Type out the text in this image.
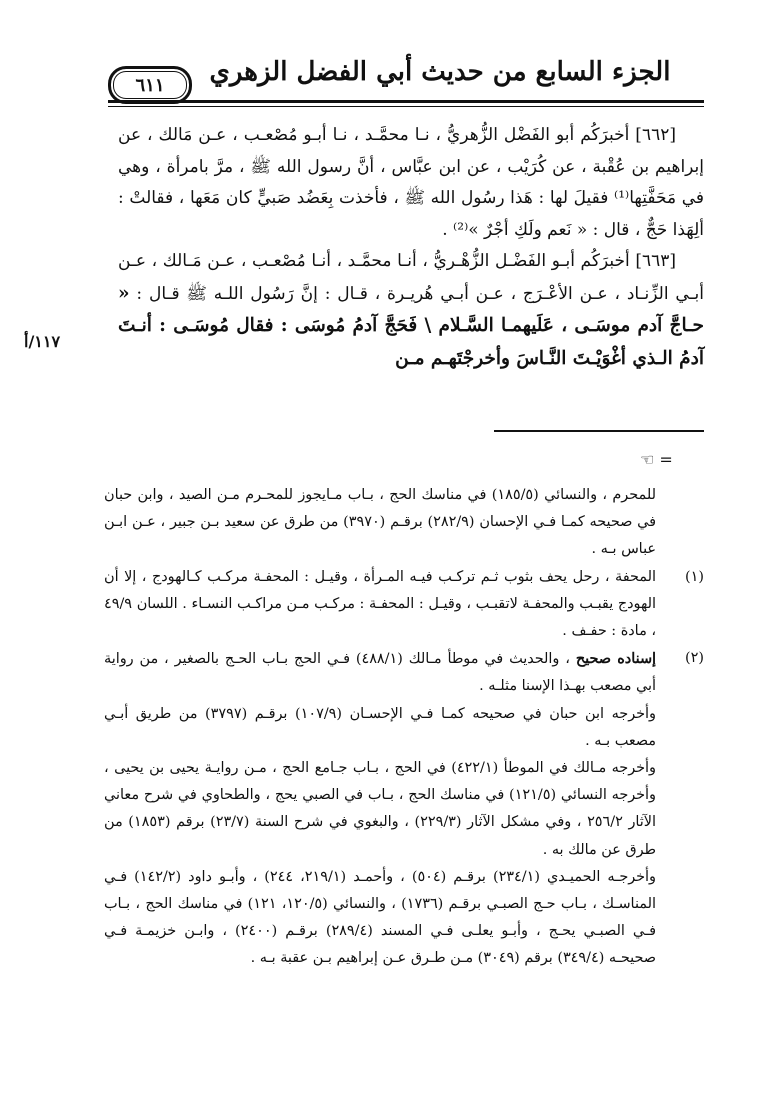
الجزء السابع من حديث أبي الفضل الزهري
٦١١

[٦٦٢] أخبرَكُم أبو الفَضْل الزُّهريُّ ، نـا محمَّـد ، نـا أبـو مُصْعـب ، عـن مَالك ، عن إبراهيم بن عُقْبة ، عن كُرَيْب ، عن ابن عبَّاس ، أنَّ رسول الله ﷺ ، مرَّ بامرأة ، وهي في مَحَفَّتِها⁽¹⁾ فقيلَ لها : هَذا رسُول الله ﷺ ، فأخذت بِعَضُد صَبيٍّ كان مَعَها ، فقالتْ : ألِهَذا حَجٌّ ، قال : « نَعم ولَكِ أجْرٌ »⁽²⁾ .

[٦٦٣] أخبرَكُم أبـو الفَضْـل الزُّهْـريُّ ، أنـا محمَّـد ، أنـا مُصْعـب ، عـن مَـالك ، عـن أبـي الزِّنـاد ، عـن الأعْـرَج ، عـن أبـي هُريـرة ، قـال : إنَّ رَسُول اللـه ﷺ قـال : « حـاجَّ آدم موسَـى ، عَلَيهمـا السَّـلام \ فَحَجَّ آدمُ مُوسَى : فقال مُوسَـى : أنـتَ آدمُ الـذي أغْوَيْـتَ النَّـاسَ وأخرجْتَهـم مـن

١١٧/أ
= ☜

للمحرم ، والنسائي (١٨٥/٥) في مناسك الحج ، بـاب مـايجوز للمحـرم مـن الصيد ، وابن حبان في صحيحه كمـا فـي الإحسان (٢٨٢/٩) برقـم (٣٩٧٠) من طرق عن سعيد بـن جبير ، عـن ابـن عباس بـه .

(١)

المحفة ، رحل يحف بثوب ثـم تركـب فيـه المـرأة ، وقيـل : المحفـة مركـب كـالهودج ، إلا أن الهودج يقبـب والمحفـة لاتقبـب ، وقيـل : المحفـة : مركـب مـن مراكـب النسـاء . اللسان ٤٩/٩ ، مادة : حفـف .

(٢)

إسناده صحيح ، والحديث في موطأ مـالك (٤٨٨/١) فـي الحج بـاب الحـج بالصغير ، من رواية أبي مصعب بهـذا الإسنا مثلـه .

وأخرجه ابن حبان في صحيحه كمـا فـي الإحسـان (١٠٧/٩) برقـم (٣٧٩٧) من طريق أبـي مصعب بـه .

وأخرجه مـالك في الموطأ (٤٢٢/١) في الحج ، بـاب جـامع الحج ، مـن روايـة يحيى بن يحيى ، وأخرجه النسائي (١٢١/٥) في مناسك الحج ، بـاب في الصبي يحج ، والطحاوي في شرح معاني الآثار ٢٥٦/٢ ، وفي مشكل الآثار (٢٢٩/٣) ، والبغوي في شرح السنة (٢٣/٧) برقم (١٨٥٣) من طرق عن مالك به .

وأخرجـه الحميـدي (٢٣٤/١) برقـم (٥٠٤) ، وأحمـد (٢١٩/١، ٢٤٤) ، وأبـو داود (١٤٢/٢) فـي المناسـك ، بـاب حـج الصبـي برقـم (١٧٣٦) ، والنسائي (١٢٠/٥، ١٢١) في مناسك الحج ، بـاب فـي الصبـي يحـج ، وأبـو يعلـى فـي المسند (٢٨٩/٤) برقـم (٢٤٠٠) ، وابـن خزيمـة فـي صحيحـه (٣٤٩/٤) برقم (٣٠٤٩) مـن طـرق عـن إبراهيم بـن عقبة بـه .
